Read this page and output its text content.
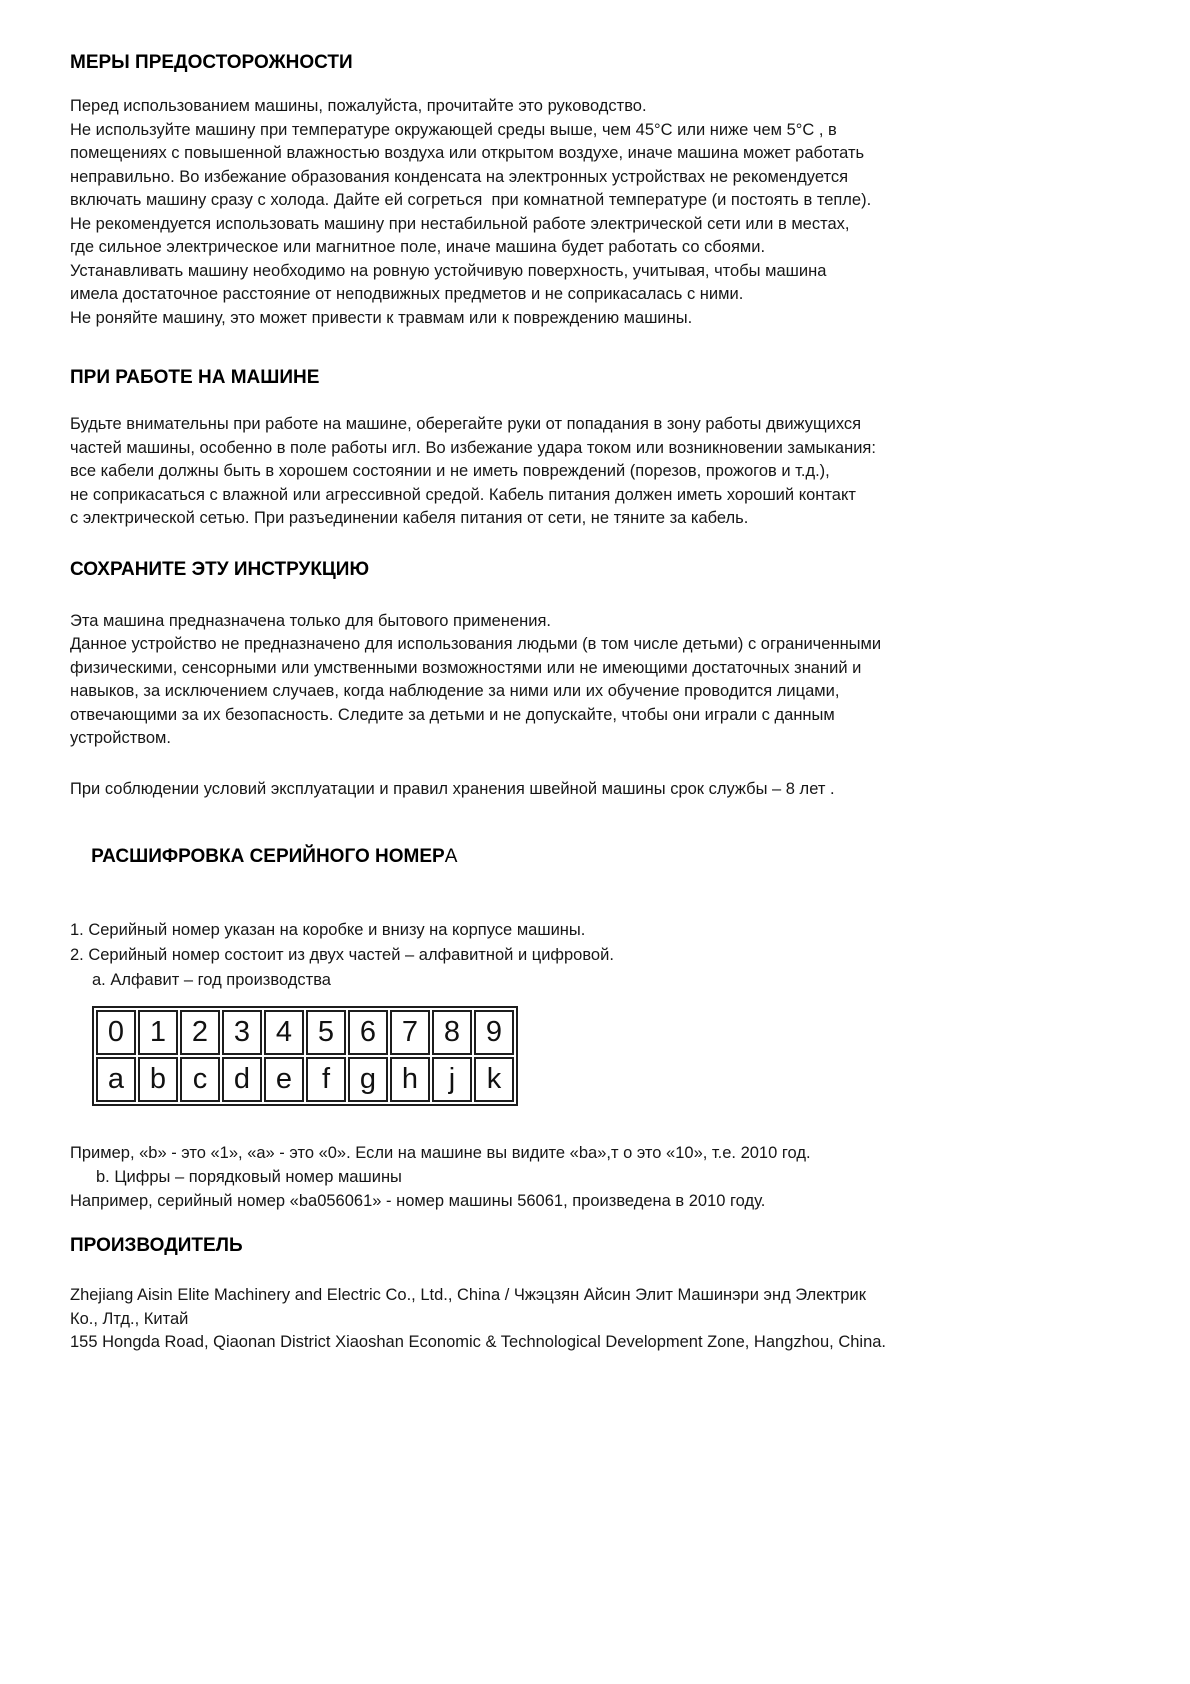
МЕРЫ ПРЕДОСТОРОЖНОСТИ
Перед использованием машины, пожалуйста, прочитайте это руководство.
Не используйте машину при температуре окружающей среды выше, чем 45°С или ниже чем 5°С , в
помещениях с повышенной влажностью воздуха или открытом воздухе, иначе машина может работать
неправильно. Во избежание образования конденсата на электронных устройствах не рекомендуется
включать машину сразу с холода. Дайте ей согреться  при комнатной температуре (и постоять в тепле).
Не рекомендуется использовать машину при нестабильной работе электрической сети или в местах,
где сильное электрическое или магнитное поле, иначе машина будет работать со сбоями.
Устанавливать машину необходимо на ровную устойчивую поверхность, учитывая, чтобы машина
имела достаточное расстояние от неподвижных предметов и не соприкасалась с ними.
Не роняйте машину, это может привести к травмам или к повреждению машины.
ПРИ РАБОТЕ НА МАШИНЕ
Будьте внимательны при работе на машине, оберегайте руки от попадания в зону работы движущихся
частей машины, особенно в поле работы игл. Во избежание удара током или возникновении замыкания:
все кабели должны быть в хорошем состоянии и не иметь повреждений (порезов, прожогов и т.д.),
не соприкасаться с влажной или агрессивной средой. Кабель питания должен иметь хороший контакт
с электрической сетью. При разъединении кабеля питания от сети, не тяните за кабель.
СОХРАНИТЕ ЭТУ ИНСТРУКЦИЮ
Эта машина предназначена только для бытового применения.
Данное устройство не предназначено для использования людьми (в том числе детьми) с ограниченными
физическими, сенсорными или умственными возможностями или не имеющими достаточных знаний и
навыков, за исключением случаев, когда наблюдение за ними или их обучение проводится лицами,
отвечающими за их безопасность. Следите за детьми и не допускайте, чтобы они играли с данным
устройством.
При соблюдении условий эксплуатации и правил хранения швейной машины срок службы – 8 лет .

РАСШИФРОВКА СЕРИЙНОГО НОМЕРА

1. Серийный номер указан на коробке и внизу на корпусе машины.
2. Серийный номер состоит из двух частей – алфавитной и цифровой.
a. Алфавит – год производства
0	1	2	3	4	5	6	7	8	9
a	b	c	d	e	f	g	h	j	k
Пример, «b» - это «1», «а» - это «0». Если на машине вы видите «ba»,т о это «10», т.е. 2010 год.
b. Цифры – порядковый номер машины
Например, серийный номер «ba056061» - номер машины 56061, произведена в 2010 году.
ПРОИЗВОДИТЕЛЬ
Zhejiang Aisin Elite Machinery and Electric Co., Ltd., China / Чжэцзян Айсин Элит Машинэри энд Электрик
Ко., Лтд., Китай
155 Hongda Road, Qiaonan District Xiaoshan Economic & Technological Development Zone, Hangzhou, China.
